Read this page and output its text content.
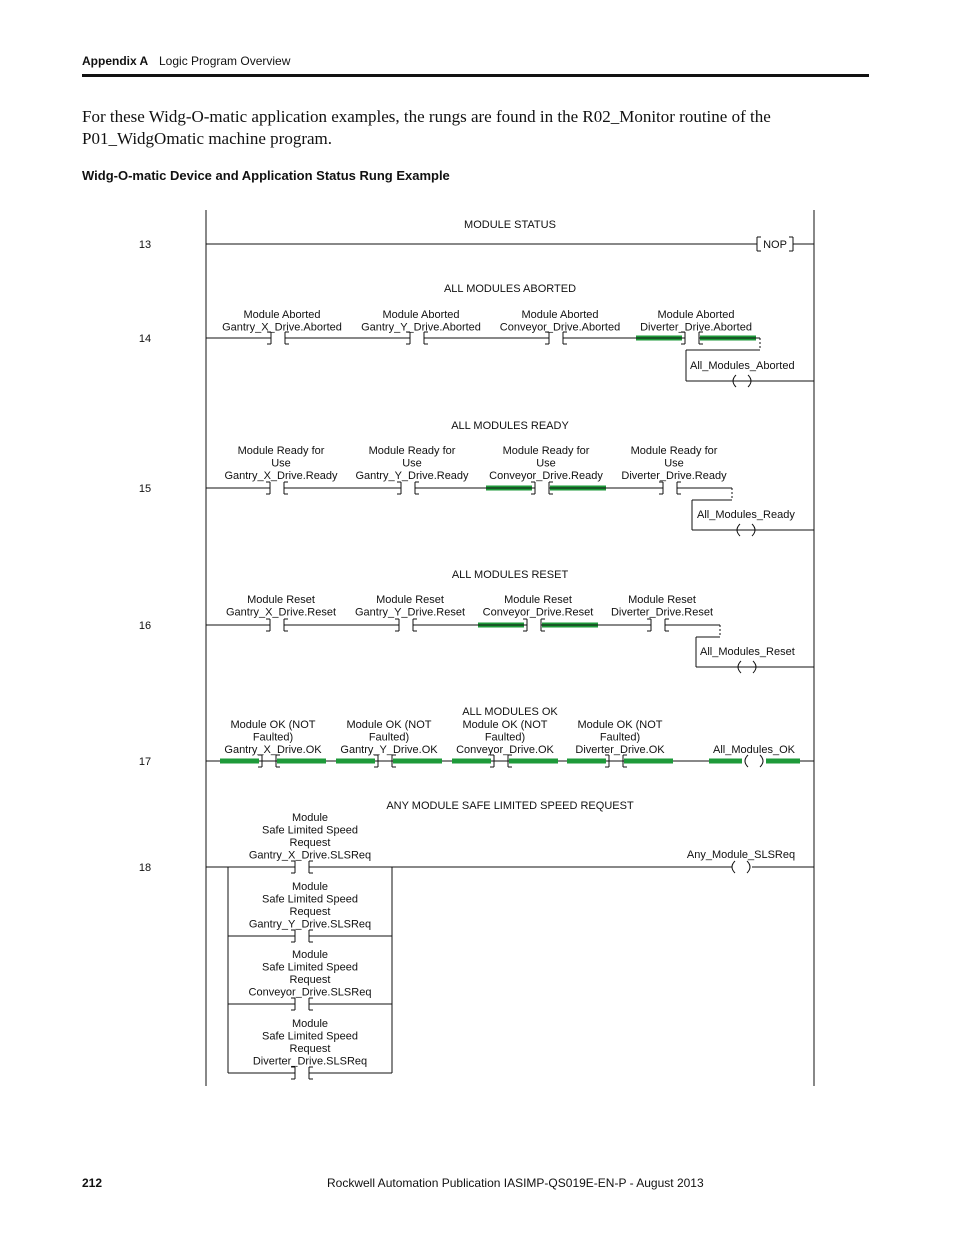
Appendix A Logic Program Overview
For these Widg-O-matic application examples, the rungs are found in the R02_Monitor routine of the P01_WidgOmatic machine program.
Widg-O-matic Device and Application Status Rung Example
13
MODULE STATUS
NOP
14
ALL MODULES ABORTED
Module Aborted
Gantry_X_Drive.Aborted
Module Aborted
Gantry_Y_Drive.Aborted
Module Aborted
Conveyor_Drive.Aborted
Module Aborted
Diverter_Drive.Aborted
All_Modules_Aborted
15
ALL MODULES READY
Module Ready for
Use
Gantry_X_Drive.Ready
Module Ready for
Use
Gantry_Y_Drive.Ready
Module Ready for
Use
Conveyor_Drive.Ready
Module Ready for
Use
Diverter_Drive.Ready
All_Modules_Ready
16
ALL MODULES RESET
Module Reset
Gantry_X_Drive.Reset
Module Reset
Gantry_Y_Drive.Reset
Module Reset
Conveyor_Drive.Reset
Module Reset
Diverter_Drive.Reset
All_Modules_Reset
17
ALL MODULES OK
Module OK (NOT
Faulted)
Gantry_X_Drive.OK
Module OK (NOT
Faulted)
Gantry_Y_Drive.OK
Module OK (NOT
Faulted)
Conveyor_Drive.OK
Module OK (NOT
Faulted)
Diverter_Drive.OK	All_Modules_OK
18
ANY MODULE SAFE LIMITED SPEED REQUEST
Module
Safe Limited Speed
Request
Gantry_X_Drive.SLSReq
Module
Safe Limited Speed
Request
Gantry_Y_Drive.SLSReq
Module
Safe Limited Speed
Request
Conveyor_Drive.SLSReq
Module
Safe Limited Speed
Request
Diverter_Drive.SLSReq
Any_Module_SLSReq
212	Rockwell Automation Publication IASIMP-QS019E-EN-P - August 2013
